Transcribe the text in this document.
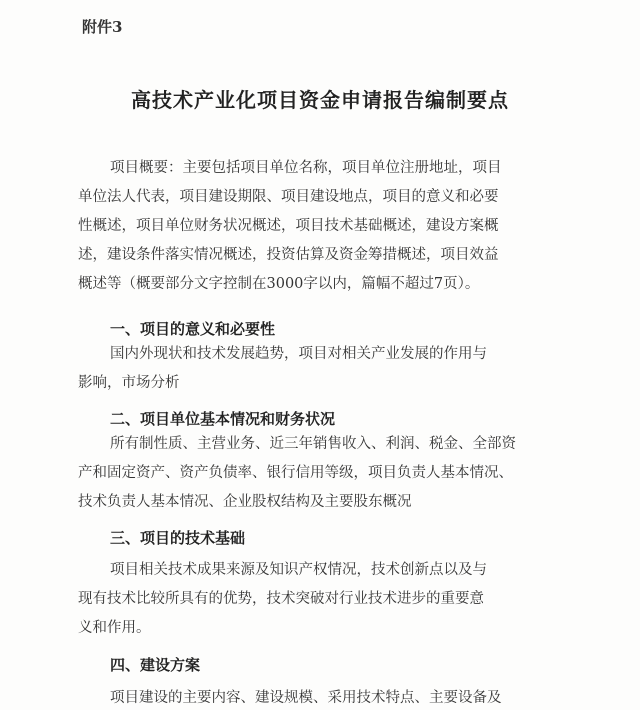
附件3
高技术产业化项目资金申请报告编制要点
项目概要：主要包括项目单位名称，项目单位注册地址，项目
单位法人代表，项目建设期限、项目建设地点，项目的意义和必要
性概述，项目单位财务状况概述，项目技术基础概述，建设方案概
述，建设条件落实情况概述，投资估算及资金筹措概述，项目效益
概述等（概要部分文字控制在3000字以内，篇幅不超过7页）。
一、项目的意义和必要性
国内外现状和技术发展趋势，项目对相关产业发展的作用与
影响，市场分析
二、项目单位基本情况和财务状况
所有制性质、主营业务、近三年销售收入、利润、税金、全部资
产和固定资产、资产负债率、银行信用等级，项目负责人基本情况、
技术负责人基本情况、企业股权结构及主要股东概况
三、项目的技术基础
项目相关技术成果来源及知识产权情况，技术创新点以及与
现有技术比较所具有的优势，技术突破对行业技术进步的重要意
义和作用。
四、建设方案
项目建设的主要内容、建设规模、采用技术特点、主要设备及
